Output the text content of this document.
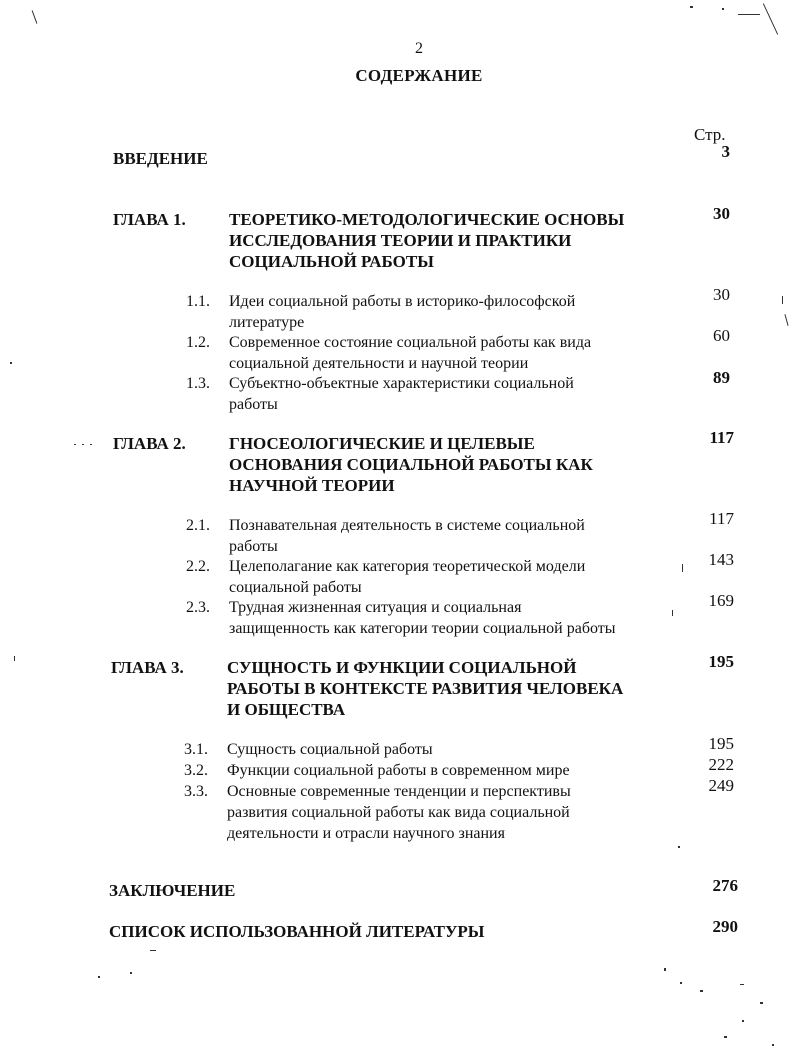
2
СОДЕРЖАНИЕ
Стр.
ВВЕДЕНИЕ	3
ГЛАВА 1.	ТЕОРЕТИКО-МЕТОДОЛОГИЧЕСКИЕ ОСНОВЫ
ИССЛЕДОВАНИЯ ТЕОРИИ И ПРАКТИКИ
СОЦИАЛЬНОЙ РАБОТЫ
30
1.1. Идеи социальной работы в историко-философской
литературе
30
1.2. Современное состояние социальной работы как вида
социальной деятельности и научной теории
60
1.3. Субъектно-объектные характеристики социальной
работы
89
ГЛАВА 2.	ГНОСЕОЛОГИЧЕСКИЕ И ЦЕЛЕВЫЕ
ОСНОВАНИЯ СОЦИАЛЬНОЙ РАБОТЫ КАК
НАУЧНОЙ ТЕОРИИ
117
2.1. Познавательная деятельность в системе социальной
работы
117
2.2. Целеполагание как категория теоретической модели
социальной работы
143
2.3. Трудная жизненная ситуация и социальная
защищенность как категории теории социальной работы
169
ГЛАВА 3.	СУЩНОСТЬ И ФУНКЦИИ СОЦИАЛЬНОЙ
РАБОТЫ В КОНТЕКСТЕ РАЗВИТИЯ ЧЕЛОВЕКА
И ОБЩЕСТВА
195
3.1. Сущность социальной работы	195
3.2. Функции социальной работы в современном мире	222
3.3. Основные современные тенденции и перспективы
развития социальной работы как вида социальной
деятельности и отрасли научного знания
249
ЗАКЛЮЧЕНИЕ	276
СПИСОК ИСПОЛЬЗОВАННОЙ ЛИТЕРАТУРЫ	290
